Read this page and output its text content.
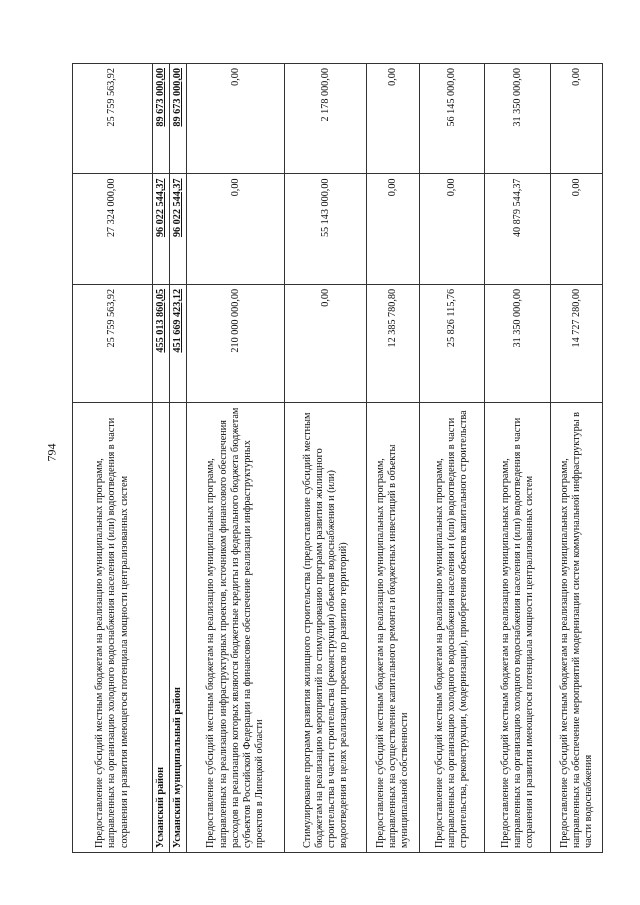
794
Предоставление субсидий местным бюджетам на реализацию муниципальных программ, направленных на организацию холодного водоснабжения населения и (или) водоотведения в части сохранения и развития имеющегося потенциала мощности централизованных систем	25 759 563,92	27 324 000,00	25 759 563,92
Усманский район	455 013 860,05	96 022 544,37	89 673 000,00
Усманский муниципальный район	451 669 423,12	96 022 544,37	89 673 000,00
Предоставление субсидий местным бюджетам на реализацию муниципальных программ, направленных на реализацию инфраструктурных проектов, источником финансового обеспечения расходов на реализацию которых являются бюджетные кредиты из федерального бюджета бюджетам субъектов Российской Федерации на финансовое обеспечение реализации инфраструктурных проектов в Липецкой области	210 000 000,00	0,00	0,00
Стимулирование программ развития жилищного строительства (предоставление субсидий местным бюджетам на реализацию мероприятий по стимулированию программ развития жилищного строительства в части строительства (реконструкции) объектов водоснабжения и (или) водоотведения в целях реализации проектов по развитию территорий)	0,00	55 143 000,00	2 178 000,00
Предоставление субсидий местным бюджетам на реализацию муниципальных программ, направленных на осуществление капитального ремонта и бюджетных инвестиций в объекты муниципальной собственности	12 385 780,80	0,00	0,00
Предоставление субсидий местным бюджетам на реализацию муниципальных программ, направленных на организацию холодного водоснабжения населения и (или) водоотведения в части строительства, реконструкции, (модернизации), приобретения объектов капитального строительства	25 826 115,76	0,00	56 145 000,00
Предоставление субсидий местным бюджетам на реализацию муниципальных программ, направленных на организацию холодного водоснабжения населения и (или) водоотведения в части сохранения и развития имеющегося потенциала мощности централизованных систем	31 350 000,00	40 879 544,37	31 350 000,00
Предоставление субсидий местным бюджетам на реализацию муниципальных программ, направленных на обеспечение мероприятий модернизации систем коммунальной инфраструктуры в части водоснабжения	14 727 280,00	0,00	0,00
